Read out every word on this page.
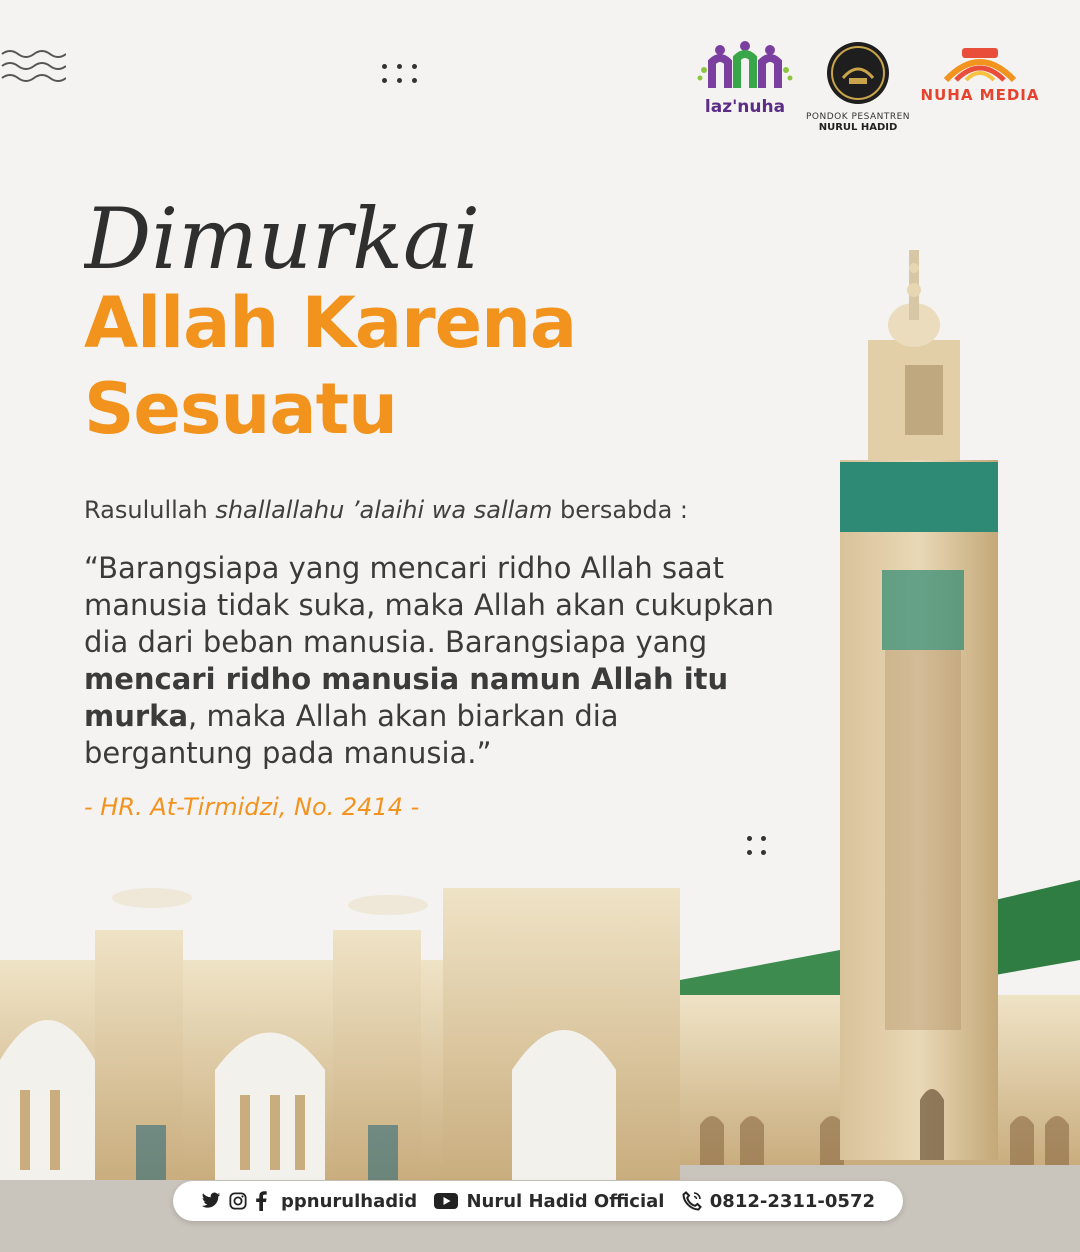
laz'nuha	PONDOK PESANTREN
NURUL HADID
NUHA MEDIA
Dimurkai
Allah Karena
Sesuatu
Rasulullah shallallahu ’alaihi wa sallam bersabda :
“Barangsiapa yang mencari ridho Allah saat manusia tidak suka, maka Allah akan cukupkan dia dari beban manusia. Barangsiapa yang mencari ridho manusia namun Allah itu murka, maka Allah akan biarkan dia bergantung pada manusia.”
- HR. At-Tirmidzi, No. 2414 -
ppnurulhadid	Nurul Hadid Official	0812-2311-0572
